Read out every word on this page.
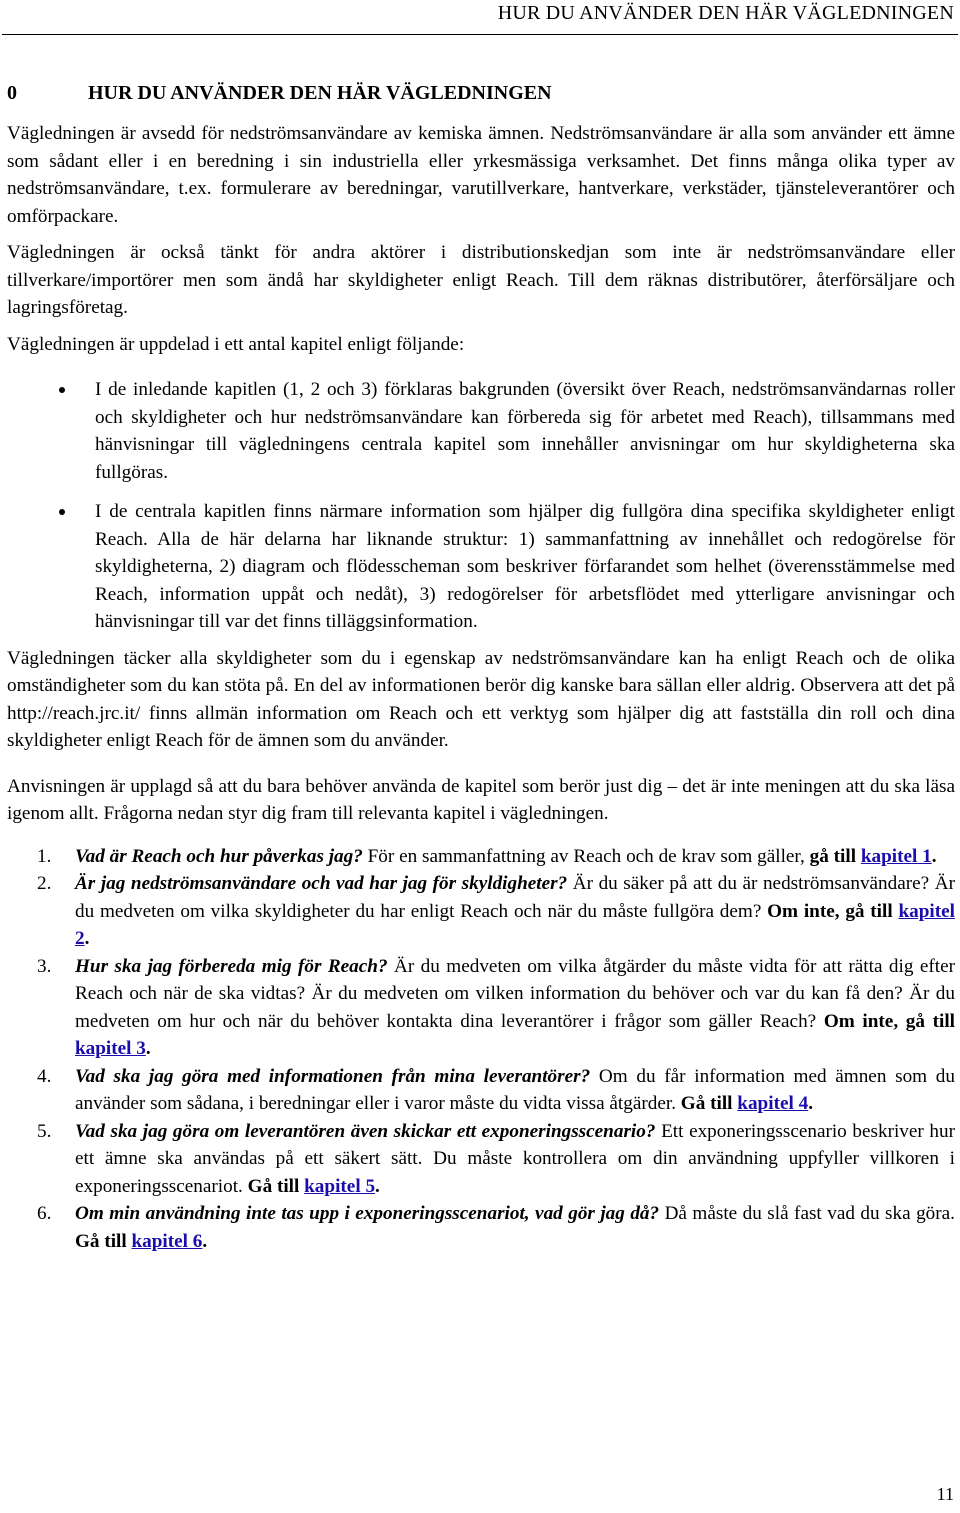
HUR DU ANVÄNDER DEN HÄR VÄGLEDNINGEN
0	HUR DU ANVÄNDER DEN HÄR VÄGLEDNINGEN

Vägledningen är avsedd för nedströmsanvändare av kemiska ämnen. Nedströmsanvändare är alla som använder ett ämne som sådant eller i en beredning i sin industriella eller yrkesmässiga verksamhet. Det finns många olika typer av nedströmsanvändare, t.ex. formulerare av beredningar, varutillverkare, hantverkare, verkstäder, tjänsteleverantörer och omförpackare.

Vägledningen är också tänkt för andra aktörer i distributionskedjan som inte är nedströmsanvändare eller tillverkare/importörer men som ändå har skyldigheter enligt Reach. Till dem räknas distributörer, återförsäljare och lagringsföretag.

Vägledningen är uppdelad i ett antal kapitel enligt följande:

I de inledande kapitlen (1, 2 och 3) förklaras bakgrunden (översikt över Reach, nedströmsanvändarnas roller och skyldigheter och hur nedströmsanvändare kan förbereda sig för arbetet med Reach), tillsammans med hänvisningar till vägledningens centrala kapitel som innehåller anvisningar om hur skyldigheterna ska fullgöras.
I de centrala kapitlen finns närmare information som hjälper dig fullgöra dina specifika skyldigheter enligt Reach. Alla de här delarna har liknande struktur: 1) sammanfattning av innehållet och redogörelse för skyldigheterna, 2) diagram och flödesscheman som beskriver förfarandet som helhet (överensstämmelse med Reach, information uppåt och nedåt), 3) redogörelser för arbetsflödet med ytterligare anvisningar och hänvisningar till var det finns tilläggsinformation.

Vägledningen täcker alla skyldigheter som du i egenskap av nedströmsanvändare kan ha enligt Reach och de olika omständigheter som du kan stöta på. En del av informationen berör dig kanske bara sällan eller aldrig. Observera att det på http://reach.jrc.it/ finns allmän information om Reach och ett verktyg som hjälper dig att fastställa din roll och dina skyldigheter enligt Reach för de ämnen som du använder.

Anvisningen är upplagd så att du bara behöver använda de kapitel som berör just dig – det är inte meningen att du ska läsa igenom allt. Frågorna nedan styr dig fram till relevanta kapitel i vägledningen.

1. Vad är Reach och hur påverkas jag? För en sammanfattning av Reach och de krav som gäller, gå till kapitel 1.
2. Är jag nedströmsanvändare och vad har jag för skyldigheter? Är du säker på att du är nedströmsanvändare? Är du medveten om vilka skyldigheter du har enligt Reach och när du måste fullgöra dem? Om inte, gå till kapitel 2.
3. Hur ska jag förbereda mig för Reach? Är du medveten om vilka åtgärder du måste vidta för att rätta dig efter Reach och när de ska vidtas? Är du medveten om vilken information du behöver och var du kan få den? Är du medveten om hur och när du behöver kontakta dina leverantörer i frågor som gäller Reach? Om inte, gå till kapitel 3.
4. Vad ska jag göra med informationen från mina leverantörer? Om du får information med ämnen som du använder som sådana, i beredningar eller i varor måste du vidta vissa åtgärder. Gå till kapitel 4.
5. Vad ska jag göra om leverantören även skickar ett exponeringsscenario? Ett exponeringsscenario beskriver hur ett ämne ska användas på ett säkert sätt. Du måste kontrollera om din användning uppfyller villkoren i exponeringsscenariot. Gå till kapitel 5.
6. Om min användning inte tas upp i exponeringsscenariot, vad gör jag då? Då måste du slå fast vad du ska göra. Gå till kapitel 6.
11
